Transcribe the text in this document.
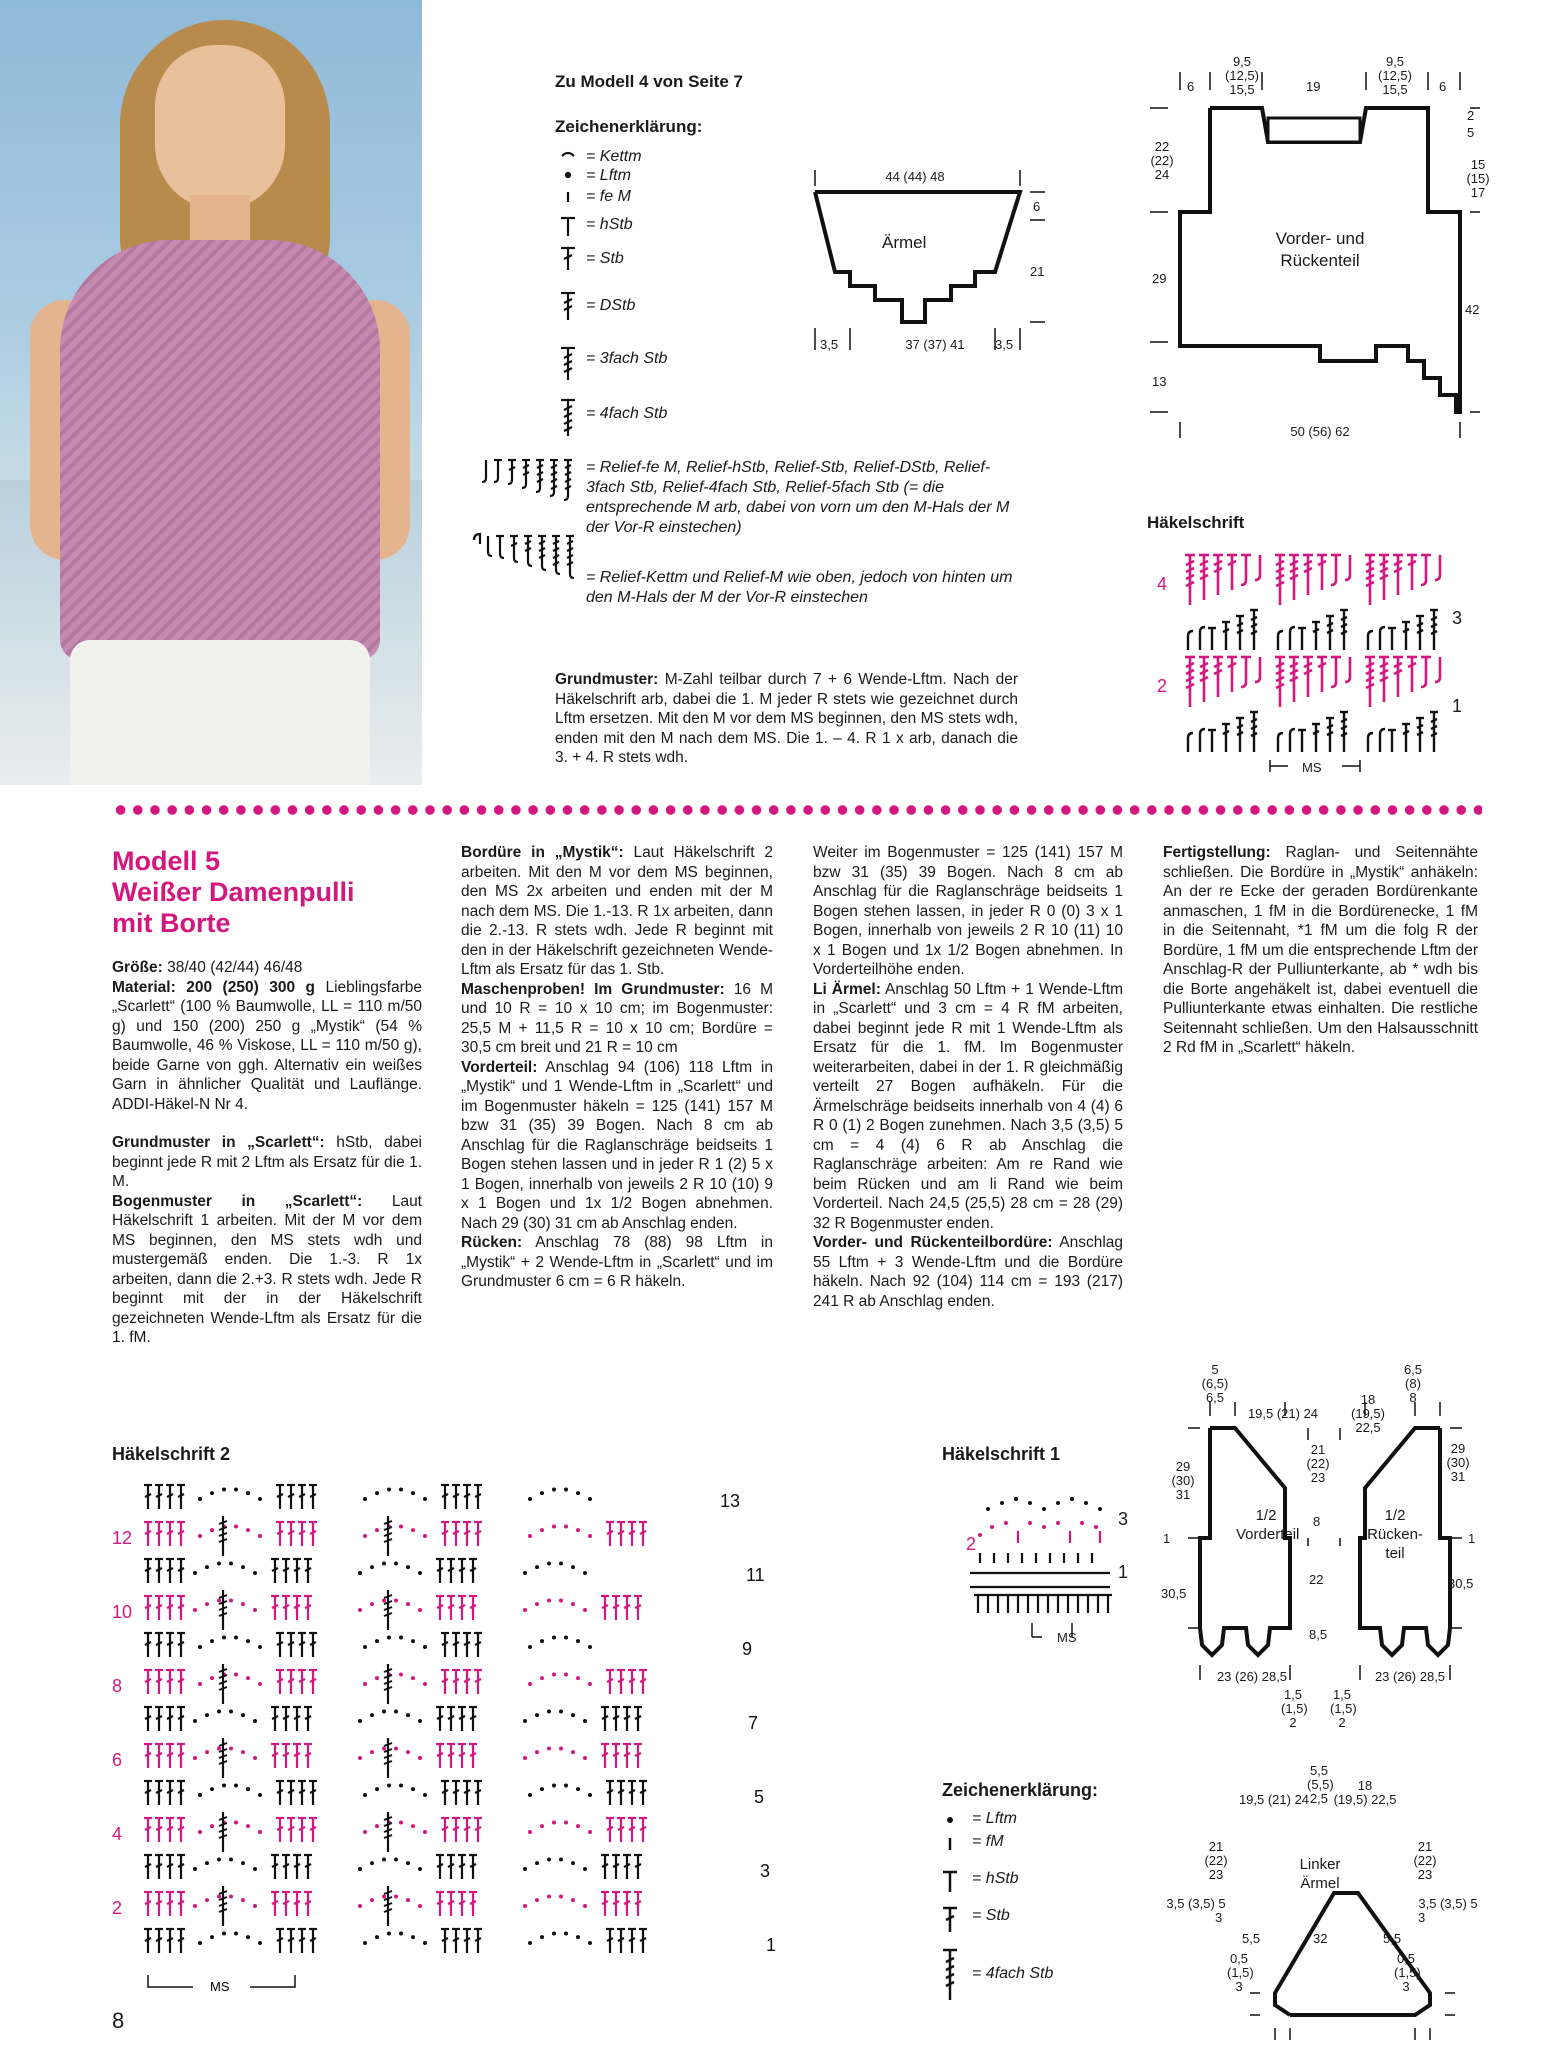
Zu Modell 4 von Seite 7
Zeichenerklärung:
= Kettm
= Lftm
= fe M
= hStb
= Stb
= DStb
= 3fach Stb
= 4fach Stb
= Relief-fe M, Relief-hStb, Relief-Stb, Relief-DStb, Relief-3fach Stb, Relief-4fach Stb, Relief-5fach Stb (= die entsprechende M arb, dabei von vorn um den M-Hals der M der Vor-R einstechen)
= Relief-Kettm und Relief-M wie oben, jedoch von hinten um den M-Hals der M der Vor-R einstechen
Ärmel
44 (44) 48
6
21
37 (37) 41
3,5	3,5
Vorder- und
Rückenteil
6
9,5
(12,5)
15,5	19
9,5
(12,5)
15,5	6
2
5
15
(15)
17
42
22
(22)
24
29
13
50 (56) 62
Häkelschrift
4
3
2
1
MS
Grundmuster: M-Zahl teilbar durch 7 + 6 Wende-Lftm. Nach der Häkelschrift arb, dabei die 1. M jeder R stets wie gezeichnet durch Lftm ersetzen. Mit den M vor dem MS beginnen, den MS stets wdh, enden mit den M nach dem MS. Die 1. – 4. R 1 x arb, danach die 3. + 4. R stets wdh.
Modell 5
Weißer Damenpulli
mit Borte

Größe: 38/40 (42/44) 46/48

Material: 200 (250) 300 g Lieblingsfarbe „Scarlett“ (100 % Baumwolle, LL = 110 m/50 g) und 150 (200) 250 g „Mystik“ (54 % Baumwolle, 46 % Viskose, LL = 110 m/50 g), beide Garne von ggh. Alternativ ein weißes Garn in ähnlicher Qualität und Lauflänge. ADDI-Häkel-N Nr 4.

Grundmuster in „Scarlett“: hStb, dabei beginnt jede R mit 2 Lftm als Ersatz für die 1. M.

Bogenmuster in „Scarlett“: Laut Häkelschrift 1 arbeiten. Mit der M vor dem MS beginnen, den MS stets wdh und mustergemäß enden. Die 1.-3. R 1x arbeiten, dann die 2.+3. R stets wdh. Jede R beginnt mit der in der Häkelschrift gezeichneten Wende-Lftm als Ersatz für die 1. fM.

Bordüre in „Mystik“: Laut Häkelschrift 2 arbeiten. Mit den M vor dem MS beginnen, den MS 2x arbeiten und enden mit der M nach dem MS. Die 1.-13. R 1x arbeiten, dann die 2.-13. R stets wdh. Jede R beginnt mit den in der Häkelschrift gezeichneten Wende-Lftm als Ersatz für das 1. Stb.

Maschenproben! Im Grundmuster: 16 M und 10 R = 10 x 10 cm; im Bogenmuster: 25,5 M + 11,5 R = 10 x 10 cm; Bordüre = 30,5 cm breit und 21 R = 10 cm

Vorderteil: Anschlag 94 (106) 118 Lftm in „Mystik“ und 1 Wende-Lftm in „Scarlett“ und im Bogenmuster häkeln = 125 (141) 157 M bzw 31 (35) 39 Bogen. Nach 8 cm ab Anschlag für die Raglanschräge beidseits 1 Bogen stehen lassen und in jeder R 1 (2) 5 x 1 Bogen, innerhalb von jeweils 2 R 10 (10) 9 x 1 Bogen und 1x 1/2 Bogen abnehmen. Nach 29 (30) 31 cm ab Anschlag enden.

Rücken: Anschlag 78 (88) 98 Lftm in „Mystik“ + 2 Wende-Lftm in „Scarlett“ und im Grundmuster 6 cm = 6 R häkeln.

Weiter im Bogenmuster = 125 (141) 157 M bzw 31 (35) 39 Bogen. Nach 8 cm ab Anschlag für die Raglanschräge beidseits 1 Bogen stehen lassen, in jeder R 0 (0) 3 x 1 Bogen, innerhalb von jeweils 2 R 10 (11) 10 x 1 Bogen und 1x 1/2 Bogen abnehmen. In Vorderteilhöhe enden.

Li Ärmel: Anschlag 50 Lftm + 1 Wende-Lftm in „Scarlett“ und 3 cm = 4 R fM arbeiten, dabei beginnt jede R mit 1 Wende-Lftm als Ersatz für die 1. fM. Im Bogenmuster weiterarbeiten, dabei in der 1. R gleichmäßig verteilt 27 Bogen aufhäkeln. Für die Ärmelschräge beidseits innerhalb von 4 (4) 6 R 0 (1) 2 Bogen zunehmen. Nach 3,5 (3,5) 5 cm = 4 (4) 6 R ab Anschlag die Raglanschräge arbeiten: Am re Rand wie beim Rücken und am li Rand wie beim Vorderteil. Nach 24,5 (25,5) 28 cm = 28 (29) 32 R Bogenmuster enden.

Vorder- und Rückenteilbordüre: Anschlag 55 Lftm + 3 Wende-Lftm und die Bordüre häkeln. Nach 92 (104) 114 cm = 193 (217) 241 R ab Anschlag enden.

Fertigstellung: Raglan- und Seitennähte schließen. Die Bordüre in „Mystik“ anhäkeln: An der re Ecke der geraden Bordürenkante anmaschen, 1 fM in die Bordürenecke, 1 fM in die Seitennaht, *1 fM um die folg R der Bordüre, 1 fM um die entsprechende Lftm der Anschlag-R der Pulliunterkante, ab * wdh bis die Borte angehäkelt ist, dabei eventuell die Pulliunterkante etwas einhalten. Die restliche Seitennaht schließen. Um den Halsausschnitt 2 Rd fM in „Scarlett“ häkeln.

Häkelschrift 2
MS
13
12
11
10
9
8
7
6
5
4
3
2
1
Häkelschrift 1
3
2
1
MS
Zeichenerklärung:
= Lftm
= fM
= hStb
= Stb
= 4fach Stb
1/2
Vorderteil
1/2
Rücken-
teil
Linker
Ärmel
5
(6,5)
6,5
19,5 (21) 24
6,5
(8)
8
18
(19,5) 22,5
29
(30)
31
1
30,5
21
(22)
23
8
22
8,5
29
(30)
31
1
30,5
23 (26) 28,5	23 (26) 28,5
1,5
(1,5)
2
1,5
(1,5)
2
5,5
(5,5)
2,5
19,5 (21) 24
18
(19,5) 22,5
21
(22)
23
21
(22)
23
3,5 (3,5) 5
3
3,5 (3,5) 5
3
5,5	32	5,5
0,5
(1,5)
3
0,5
(1,5)
3
8
